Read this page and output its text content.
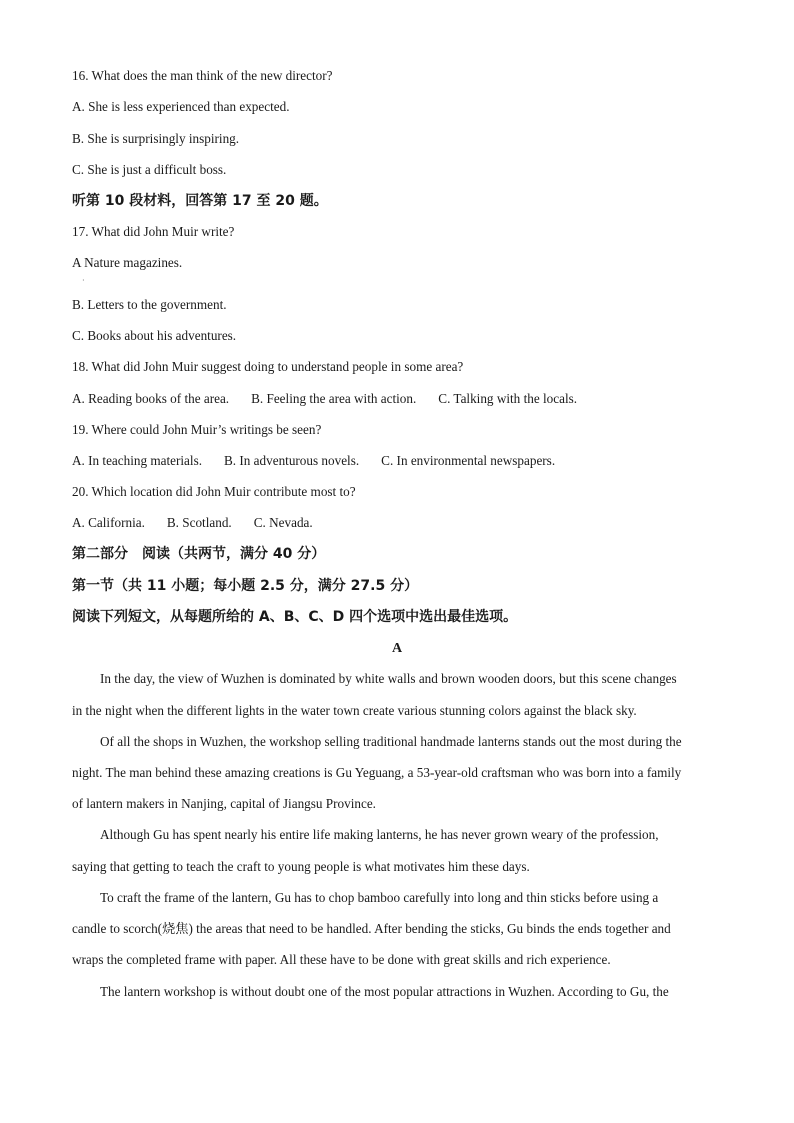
16. What does the man think of the new director?
A. She is less experienced than expected.
B. She is surprisingly inspiring.
C. She is just a difficult boss.
听第 10 段材料，回答第 17 至 20 题。
17. What did John Muir write?
A Nature magazines.
·
B. Letters to the government.
C. Books about his adventures.
18. What did John Muir suggest doing to understand people in some area?
A. Reading books of the area. B. Feeling the area with action. C. Talking with the locals.
19. Where could John Muir’s writings be seen?
A. In teaching materials. B. In adventurous novels. C. In environmental newspapers.
20. Which location did John Muir contribute most to?
A. California. B. Scotland. C. Nevada.
第二部分　阅读（共两节，满分 40 分）
第一节（共 11 小题；每小题 2.5 分，满分 27.5 分）
阅读下列短文，从每题所给的 A、B、C、D 四个选项中选出最佳选项。
A
In the day, the view of Wuzhen is dominated by white walls and brown wooden doors, but this scene changes
in the night when the different lights in the water town create various stunning colors against the black sky.
Of all the shops in Wuzhen, the workshop selling traditional handmade lanterns stands out the most during the
night. The man behind these amazing creations is Gu Yeguang, a 53-year-old craftsman who was born into a family
of lantern makers in Nanjing, capital of Jiangsu Province.
Although Gu has spent nearly his entire life making lanterns, he has never grown weary of the profession,
saying that getting to teach the craft to young people is what motivates him these days.
To craft the frame of the lantern, Gu has to chop bamboo carefully into long and thin sticks before using a
candle to scorch(烧焦) the areas that need to be handled. After bending the sticks, Gu binds the ends together and
wraps the completed frame with paper. All these have to be done with great skills and rich experience.
The lantern workshop is without doubt one of the most popular attractions in Wuzhen. According to Gu, the
